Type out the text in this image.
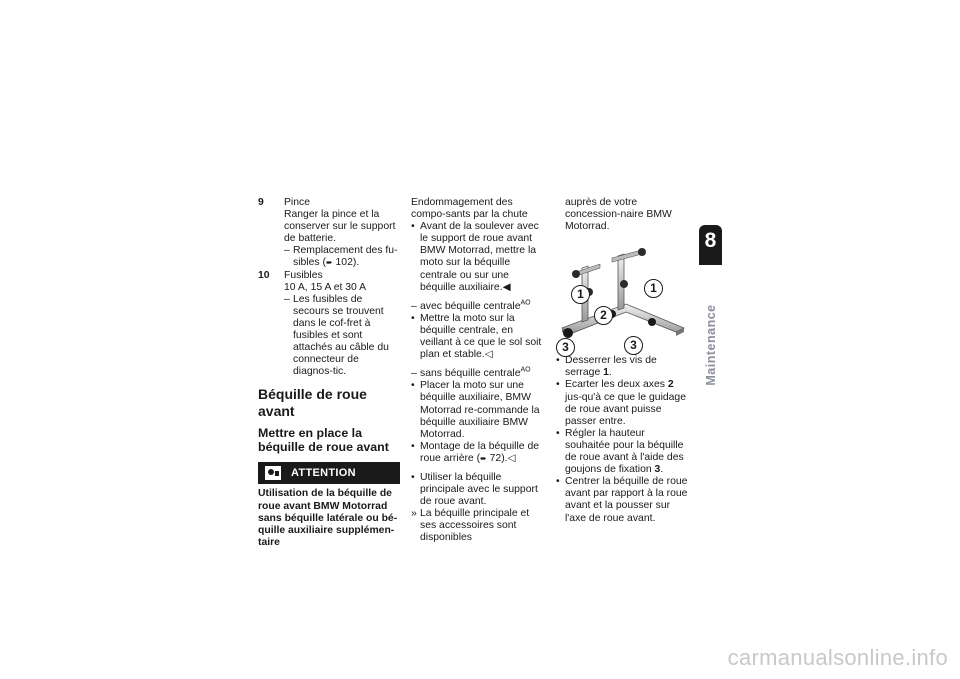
9	Pince
Ranger la pince et la conserver sur le support de batterie.
– Remplacement des fu-sibles (➨ 102).
10	Fusibles
10 A, 15 A et 30 A
– Les fusibles de secours se trouvent dans le cof-fret à fusibles et sont attachés au câble du connecteur de diagnos-tic.
Béquille de roue avant
Mettre en place la béquille de roue avant
ATTENTION
Utilisation de la béquille de roue avant BMW Motorrad sans béquille latérale ou bé-quille auxiliaire supplémen-taire
Endommagement des compo-sants par la chute
• Avant de la soulever avec le support de roue avant BMW Motorrad, mettre la moto sur la béquille centrale ou sur une béquille auxiliaire.◀
– avec béquille centrale$^{AO}$
• Mettre la moto sur la béquille centrale, en veillant à ce que le sol soit plan et stable.◁
– sans béquille centrale$^{AO}$
• Placer la moto sur une béquille auxiliaire, BMW Motorrad re-commande la béquille auxiliaire BMW Motorrad.
• Montage de la béquille de roue arrière (➨ 72).◁
• Utiliser la béquille principale avec le support de roue avant.
» La béquille principale et ses accessoires sont disponibles
auprès de votre concession-naire BMW Motorrad.
1
1
2
3	3
• Desserrer les vis de serrage 1.
• Ecarter les deux axes 2 jus-qu'à ce que le guidage de roue avant puisse passer entre.
• Régler la hauteur souhaitée pour la béquille de roue avant à l'aide des goujons de fixation 3.
• Centrer la béquille de roue avant par rapport à la roue avant et la pousser sur l'axe de roue avant.
8
71
Maintenance
carmanualsonline.info
